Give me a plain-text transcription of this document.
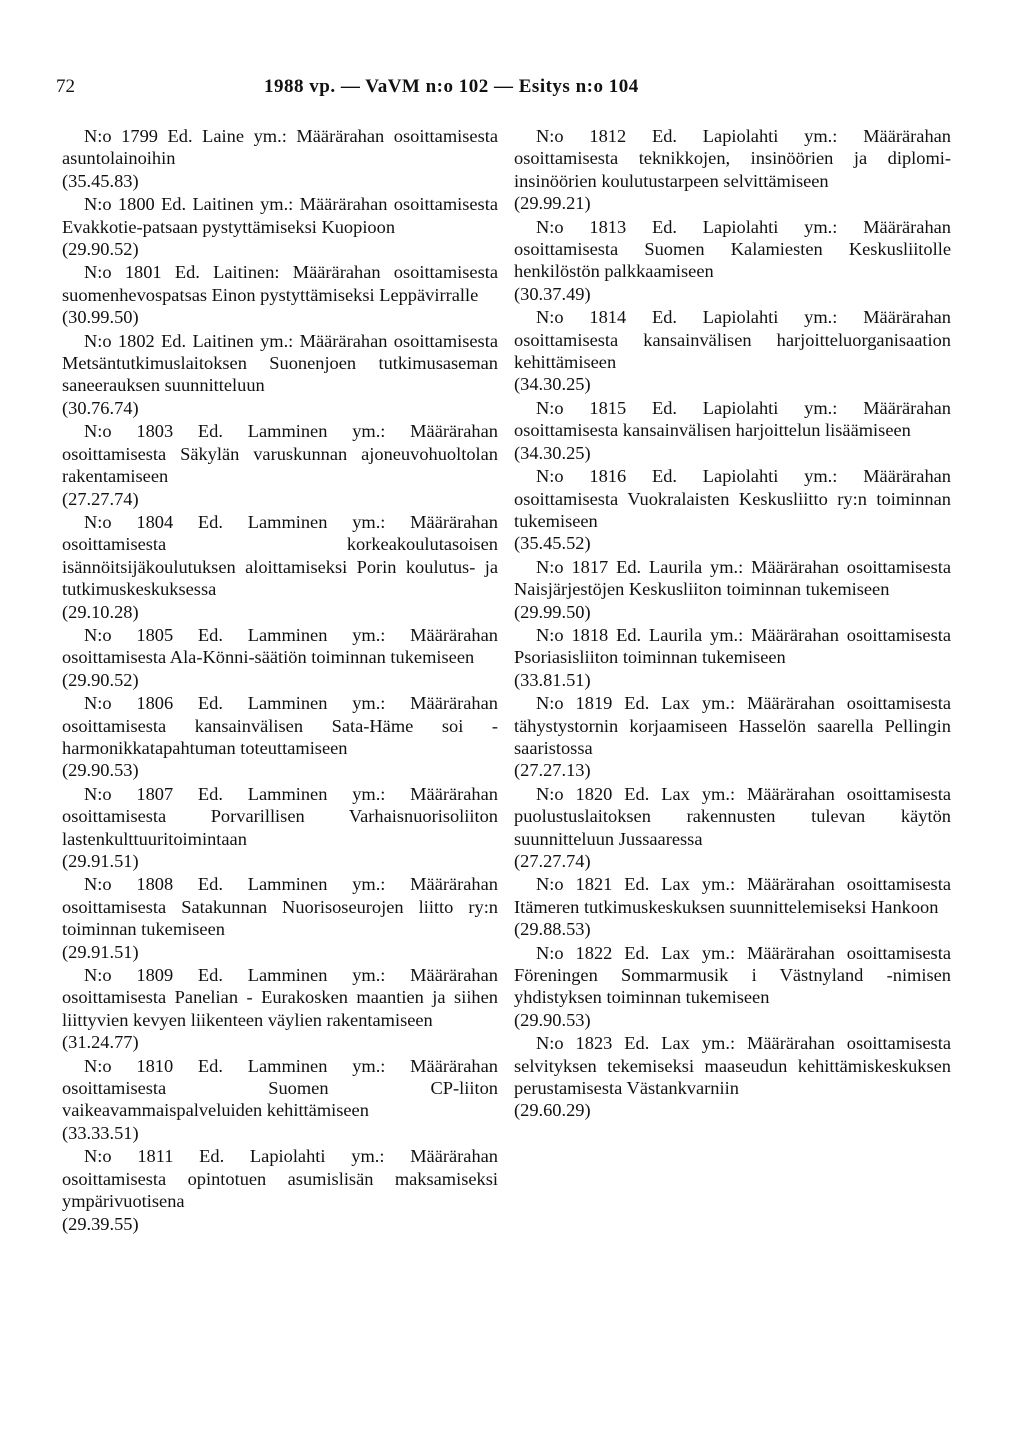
72	1988 vp. — VaVM n:o 102 — Esitys n:o 104
N:o 1799 Ed. Laine ym.: Määrärahan osoittamisesta asuntolainoihin
(35.45.83)
N:o 1800 Ed. Laitinen ym.: Määrärahan osoittamisesta Evakkotie-patsaan pystyttämiseksi Kuopioon
(29.90.52)
N:o 1801 Ed. Laitinen: Määrärahan osoittamisesta suomenhevospatsas Einon pystyttämiseksi Leppävirralle
(30.99.50)
N:o 1802 Ed. Laitinen ym.: Määrärahan osoittamisesta Metsäntutkimuslaitoksen Suonenjoen tutkimusaseman saneerauksen suunnitteluun
(30.76.74)
N:o 1803 Ed. Lamminen ym.: Määrärahan osoittamisesta Säkylän varuskunnan ajoneuvohuoltolan rakentamiseen
(27.27.74)
N:o 1804 Ed. Lamminen ym.: Määrärahan osoittamisesta korkeakoulutasoisen isännöitsijäkoulutuksen aloittamiseksi Porin koulutus- ja tutkimuskeskuksessa
(29.10.28)
N:o 1805 Ed. Lamminen ym.: Määrärahan osoittamisesta Ala-Könni-säätiön toiminnan tukemiseen
(29.90.52)
N:o 1806 Ed. Lamminen ym.: Määrärahan osoittamisesta kansainvälisen Sata-Häme soi -harmonikkatapahtuman toteuttamiseen
(29.90.53)
N:o 1807 Ed. Lamminen ym.: Määrärahan osoittamisesta Porvarillisen Varhaisnuorisoliiton lastenkulttuuritoimintaan
(29.91.51)
N:o 1808 Ed. Lamminen ym.: Määrärahan osoittamisesta Satakunnan Nuorisoseurojen liitto ry:n toiminnan tukemiseen
(29.91.51)
N:o 1809 Ed. Lamminen ym.: Määrärahan osoittamisesta Panelian - Eurakosken maantien ja siihen liittyvien kevyen liikenteen väylien rakentamiseen
(31.24.77)
N:o 1810 Ed. Lamminen ym.: Määrärahan osoittamisesta Suomen CP-liiton vaikeavammaispalveluiden kehittämiseen
(33.33.51)
N:o 1811 Ed. Lapiolahti ym.: Määrärahan osoittamisesta opintotuen asumislisän maksamiseksi ympärivuotisena
(29.39.55)
N:o 1812 Ed. Lapiolahti ym.: Määrärahan osoittamisesta teknikkojen, insinöörien ja diplomi-insinöörien koulutustarpeen selvittämiseen
(29.99.21)
N:o 1813 Ed. Lapiolahti ym.: Määrärahan osoittamisesta Suomen Kalamiesten Keskusliitolle henkilöstön palkkaamiseen
(30.37.49)
N:o 1814 Ed. Lapiolahti ym.: Määrärahan osoittamisesta kansainvälisen harjoitteluorganisaation kehittämiseen
(34.30.25)
N:o 1815 Ed. Lapiolahti ym.: Määrärahan osoittamisesta kansainvälisen harjoittelun lisäämiseen
(34.30.25)
N:o 1816 Ed. Lapiolahti ym.: Määrärahan osoittamisesta Vuokralaisten Keskusliitto ry:n toiminnan tukemiseen
(35.45.52)
N:o 1817 Ed. Laurila ym.: Määrärahan osoittamisesta Naisjärjestöjen Keskusliiton toiminnan tukemiseen
(29.99.50)
N:o 1818 Ed. Laurila ym.: Määrärahan osoittamisesta Psoriasisliiton toiminnan tukemiseen
(33.81.51)
N:o 1819 Ed. Lax ym.: Määrärahan osoittamisesta tähystystornin korjaamiseen Hasselön saarella Pellingin saaristossa
(27.27.13)
N:o 1820 Ed. Lax ym.: Määrärahan osoittamisesta puolustuslaitoksen rakennusten tulevan käytön suunnitteluun Jussaaressa
(27.27.74)
N:o 1821 Ed. Lax ym.: Määrärahan osoittamisesta Itämeren tutkimuskeskuksen suunnittelemiseksi Hankoon
(29.88.53)
N:o 1822 Ed. Lax ym.: Määrärahan osoittamisesta Föreningen Sommarmusik i Västnyland -nimisen yhdistyksen toiminnan tukemiseen
(29.90.53)
N:o 1823 Ed. Lax ym.: Määrärahan osoittamisesta selvityksen tekemiseksi maaseudun kehittämiskeskuksen perustamisesta Västankvarniin
(29.60.29)
